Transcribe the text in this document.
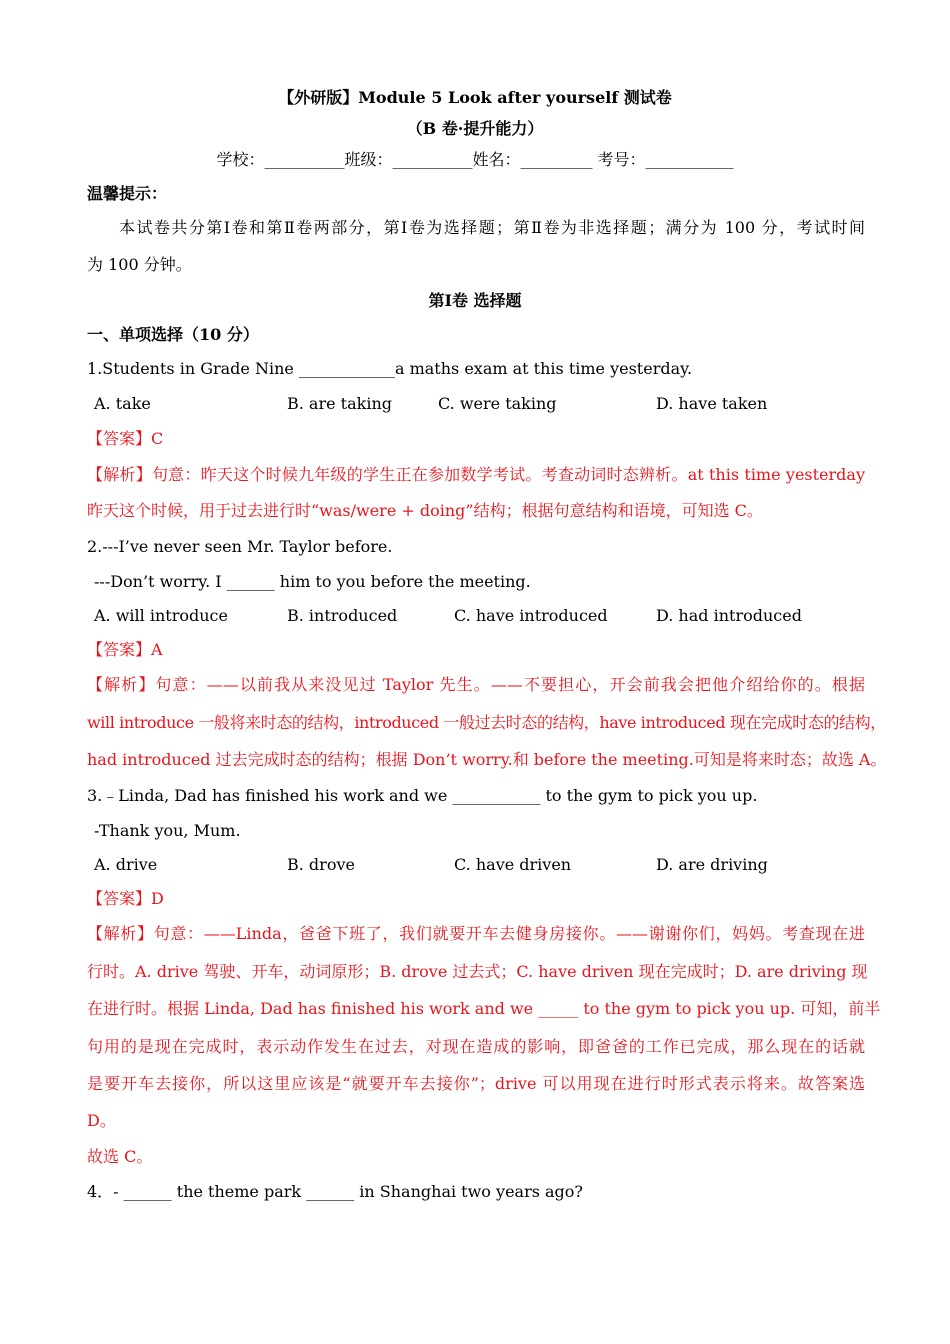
【外研版】Module 5 Look after yourself 测试卷
（B 卷·提升能力）
学校：__________班级：__________姓名：_________ 考号：___________
温馨提示：
本试卷共分第Ⅰ卷和第Ⅱ卷两部分，第Ⅰ卷为选择题；第Ⅱ卷为非选择题；满分为 100 分，考试时间
为 100 分钟。
第Ⅰ卷 选择题
一、单项选择（10 分）
1.Students in Grade Nine ____________a maths exam at this time yesterday.
A. take	B. are taking	C. were taking	D. have taken
【答案】C
【解析】句意：昨天这个时候九年级的学生正在参加数学考试。考查动词时态辨析。at this time yesterday
昨天这个时候，用于过去进行时“was/were + doing”结构；根据句意结构和语境，可知选 C。
2.---I’ve never seen Mr. Taylor before.
---Don’t worry. I ______ him to you before the meeting.
A. will introduce	B. introduced	C. have introduced	D. had introduced
【答案】A
【解析】句意：——以前我从来没见过 Taylor 先生。——不要担心，开会前我会把他介绍给你的。根据
will introduce 一般将来时态的结构，introduced 一般过去时态的结构，have introduced 现在完成时态的结构，
had introduced 过去完成时态的结构；根据 Don’t worry.和 before the meeting.可知是将来时态；故选 A。
3.﹣Linda, Dad has finished his work and we ___________ to the gym to pick you up.
-Thank you, Mum.
A. drive	B. drove	C. have driven	D. are driving
【答案】D
【解析】句意：——Linda，爸爸下班了，我们就要开车去健身房接你。——谢谢你们，妈妈。考查现在进
行时。A. drive 驾驶、开车，动词原形；B. drove 过去式；C. have driven 现在完成时；D. are driving 现
在进行时。根据 Linda, Dad has finished his work and we _____ to the gym to pick you up. 可知，前半
句用的是现在完成时，表示动作发生在过去，对现在造成的影响，即爸爸的工作已完成，那么现在的话就
是要开车去接你，所以这里应该是“就要开车去接你”；drive 可以用现在进行时形式表示将来。故答案选
D。
故选 C。
4．- ______ the theme park ______ in Shanghai two years ago?
